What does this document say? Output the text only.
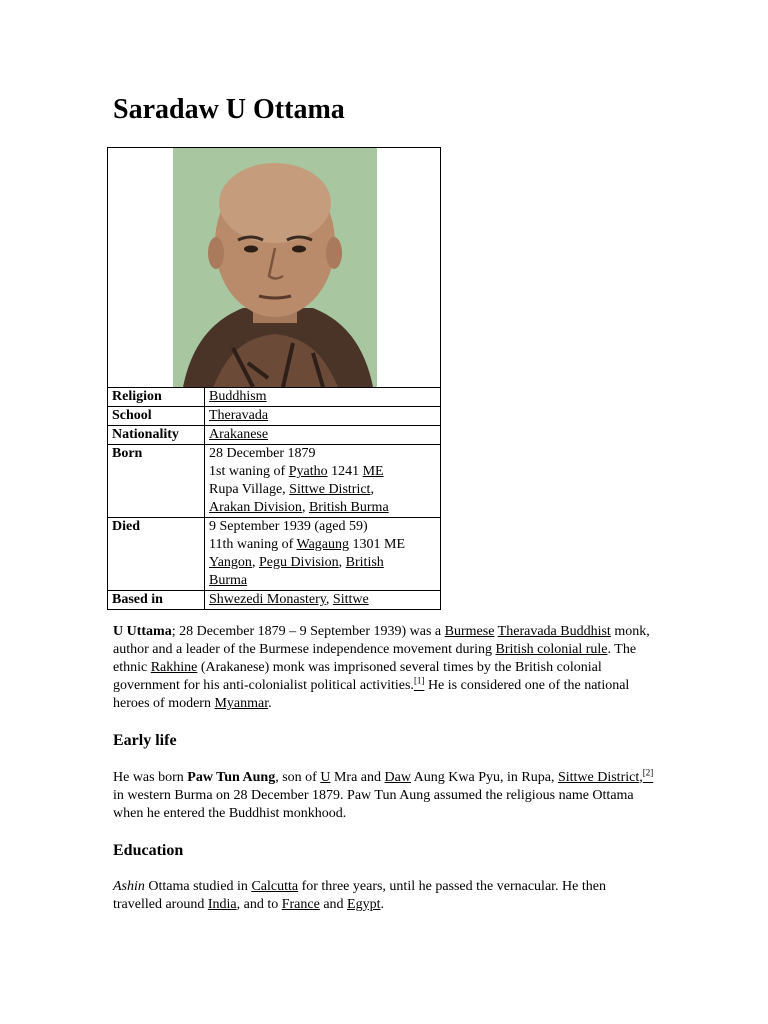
Saradaw U Ottama
Religion	Buddhism

School	Theravada

Nationality	Arakanese

Born	28 December 1879
1st waning of Pyatho 1241 ME
Rupa Village, Sittwe District,
Arakan Division, British Burma

Died	9 September 1939 (aged 59)
11th waning of Wagaung 1301 ME
Yangon, Pegu Division, British
Burma

Based in	Shwezedi Monastery, Sittwe

U Uttama; 28 December 1879 – 9 September 1939) was a Burmese Theravada Buddhist monk, author and a leader of the Burmese independence movement during British colonial rule. The ethnic Rakhine (Arakanese) monk was imprisoned several times by the British colonial government for his anti-colonialist political activities.[1] He is considered one of the national heroes of modern Myanmar.

Early life

He was born Paw Tun Aung, son of U Mra and Daw Aung Kwa Pyu, in Rupa, Sittwe District,[2] in western Burma on 28 December 1879. Paw Tun Aung assumed the religious name Ottama when he entered the Buddhist monkhood.

Education

Ashin Ottama studied in Calcutta for three years, until he passed the vernacular. He then travelled around India, and to France and Egypt.
